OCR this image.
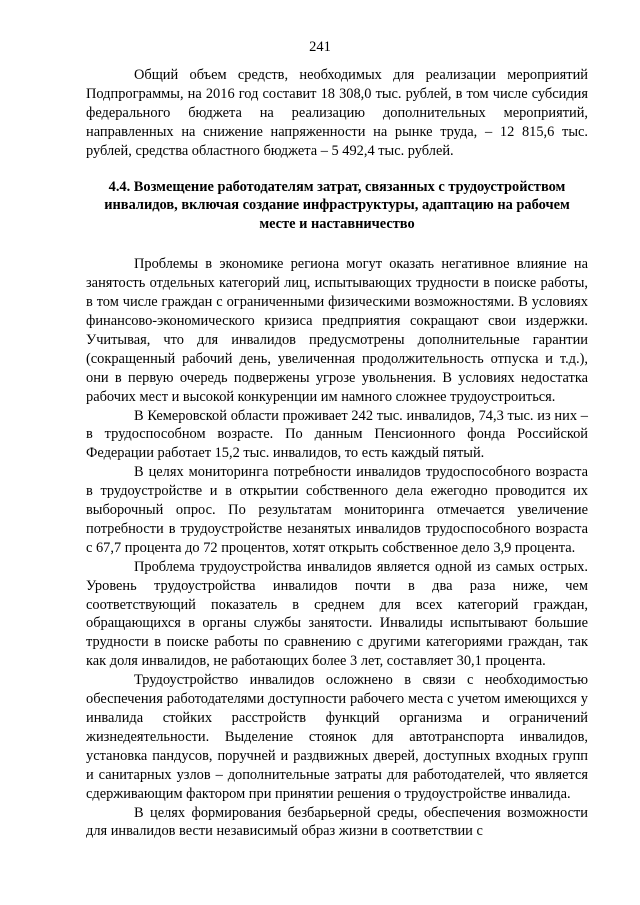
241

Общий объем средств, необходимых для реализации мероприятий Подпрограммы, на 2016 год составит 18 308,0 тыс. рублей, в том числе субсидия федерального бюджета на реализацию дополнительных мероприятий, направленных на снижение напряженности на рынке труда, – 12 815,6 тыс. рублей, средства областного бюджета – 5 492,4 тыс. рублей.

4.4. Возмещение работодателям затрат, связанных с трудоустройством инвалидов, включая создание инфраструктуры, адаптацию на рабочем месте и наставничество

Проблемы в экономике региона могут оказать негативное влияние на занятость отдельных категорий лиц, испытывающих трудности в поиске работы, в том числе граждан с ограниченными физическими возможностями. В условиях финансово-экономического кризиса предприятия сокращают свои издержки. Учитывая, что для инвалидов предусмотрены дополнительные гарантии (сокращенный рабочий день, увеличенная продолжительность отпуска и т.д.), они в первую очередь подвержены угрозе увольнения. В условиях недостатка рабочих мест и высокой конкуренции им намного сложнее трудоустроиться.

В Кемеровской области проживает 242 тыс. инвалидов, 74,3 тыс. из них – в трудоспособном возрасте. По данным Пенсионного фонда Российской Федерации работает 15,2 тыс. инвалидов, то есть каждый пятый.

В целях мониторинга потребности инвалидов трудоспособного возраста в трудоустройстве и в открытии собственного дела ежегодно проводится их выборочный опрос. По результатам мониторинга отмечается увеличение потребности в трудоустройстве незанятых инвалидов трудоспособного возраста с 67,7 процента до 72 процентов, хотят открыть собственное дело 3,9 процента.

Проблема трудоустройства инвалидов является одной из самых острых. Уровень трудоустройства инвалидов почти в два раза ниже, чем соответствующий показатель в среднем для всех категорий граждан, обращающихся в органы службы занятости. Инвалиды испытывают большие трудности в поиске работы по сравнению с другими категориями граждан, так как доля инвалидов, не работающих более 3 лет, составляет 30,1 процента.

Трудоустройство инвалидов осложнено в связи с необходимостью обеспечения работодателями доступности рабочего места с учетом имеющихся у инвалида стойких расстройств функций организма и ограничений жизнедеятельности. Выделение стоянок для автотранспорта инвалидов, установка пандусов, поручней и раздвижных дверей, доступных входных групп и санитарных узлов – дополнительные затраты для работодателей, что является сдерживающим фактором при принятии решения о трудоустройстве инвалида.

В целях формирования безбарьерной среды, обеспечения возможности для инвалидов вести независимый образ жизни в соответствии с
